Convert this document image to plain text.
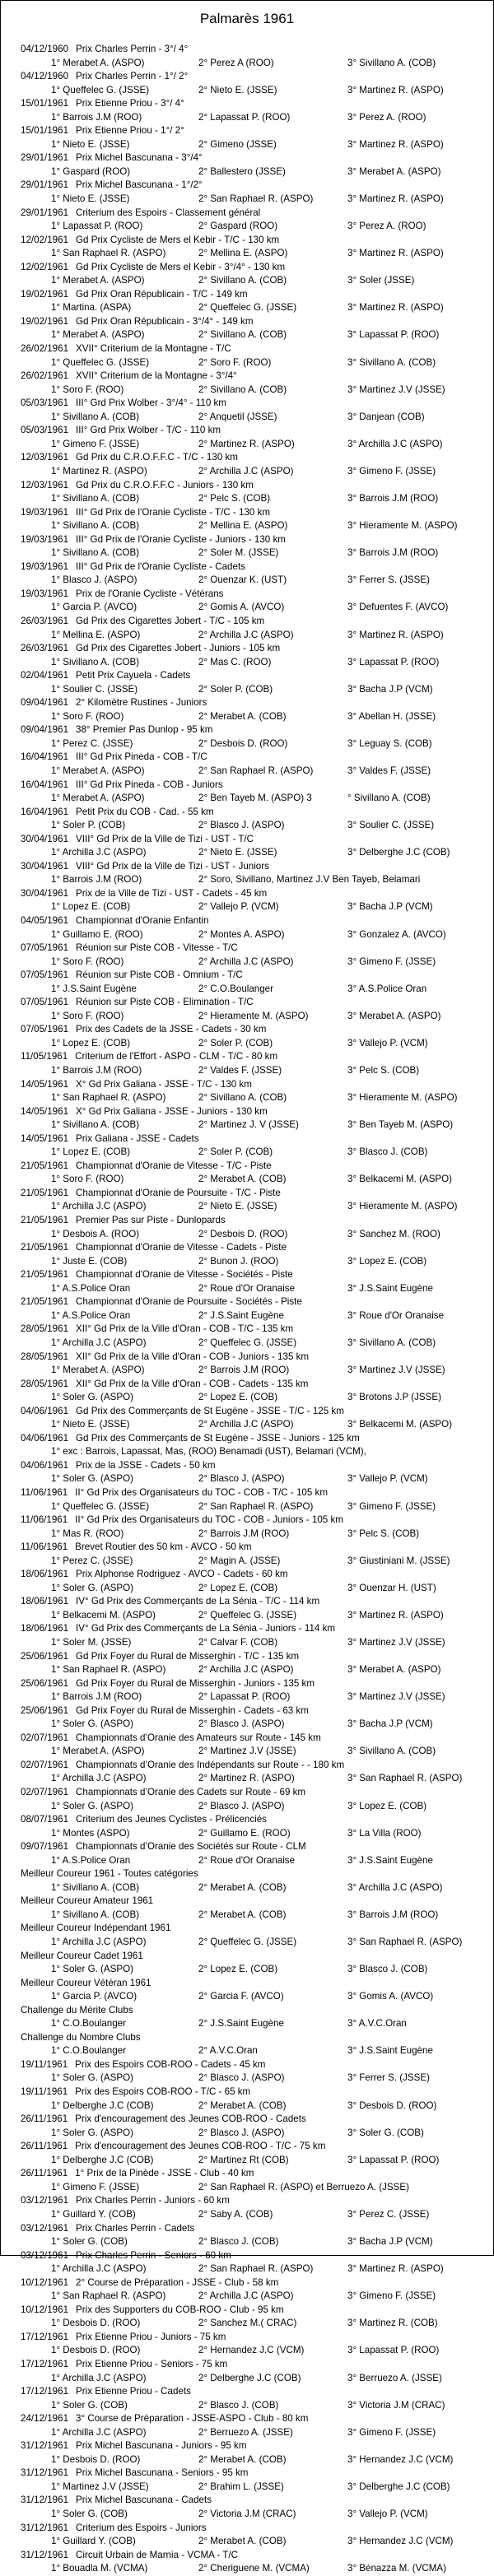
Palmarès 1961
04/12/1960 Prix Charles Perrin - 3°/ 4°
1° Merabet A. (ASPO)	2° Perez A (ROO)	3° Sivillano A. (COB)
04/12/1960 Prix Charles Perrin - 1°/ 2°
1° Queffelec G. (JSSE)	2° Nieto E. (JSSE)	3° Martinez R. (ASPO)
15/01/1961 Prix Etienne Priou - 3°/ 4°
1° Barrois J.M (ROO)	2° Lapassat P. (ROO)	3° Perez A. (ROO)
15/01/1961 Prix Etienne Priou - 1°/ 2°
1° Nieto E. (JSSE)	2° Gimeno (JSSE)	3° Martinez R. (ASPO)
29/01/1961 Prix Michel Bascunana - 3°/4°
1° Gaspard (ROO)	2° Ballestero (JSSE)	3° Merabet A. (ASPO)
29/01/1961 Prix Michel Bascunana - 1°/2°
1° Nieto E. (JSSE)	2° San Raphael R. (ASPO)	3° Martinez R. (ASPO)
29/01/1961 Criterium des Espoirs - Classement général
1° Lapassat P. (ROO)	2° Gaspard (ROO)	3° Perez A. (ROO)
12/02/1961 Gd Prix Cycliste de Mers el Kebir - T/C - 130 km
1° San Raphael R. (ASPO)	2° Mellina E. (ASPO)	3° Martinez R. (ASPO)
12/02/1961 Gd Prix Cycliste de Mers el Kebir - 3°/4° - 130 km
1° Merabet A. (ASPO)	2° Sivillano A. (COB)	3° Soler (JSSE)
19/02/1961 Gd Prix Oran Républicain - T/C - 149 km
1° Martina. (ASPA)	2° Queffelec G. (JSSE)	3° Martinez R. (ASPO)
19/02/1961 Gd Prix Oran Républicain - 3°/4° - 149 km
1° Merabet A. (ASPO)	2° Sivillano A. (COB)	3° Lapassat P. (ROO)
26/02/1961 XVII° Criterium de la Montagne - T/C
1° Queffelec G. (JSSE)	2° Soro F. (ROO)	3° Sivillano A. (COB)
26/02/1961 XVII° Criterium de la Montagne - 3°/4°
1° Soro F. (ROO)	2° Sivillano A. (COB)	3° Martinez J.V (JSSE)
05/03/1961 III° Grd Prix Wolber - 3°/4° - 110 km
1° Sivillano A. (COB)	2° Anquetil (JSSE)	3° Danjean (COB)
05/03/1961 III° Grd Prix Wolber - T/C - 110 km
1° Gimeno F. (JSSE)	2° Martinez R. (ASPO)	3° Archilla J.C (ASPO)
12/03/1961 Gd Prix du C.R.O.F.F.C - T/C - 130 km
1° Martinez R. (ASPO)	2° Archilla J.C (ASPO)	3° Gimeno F. (JSSE)
12/03/1961 Gd Prix du C.R.O.F.F.C - Juniors - 130 km
1° Sivillano A. (COB)	2° Pelc S. (COB)	3° Barrois J.M (ROO)
19/03/1961 III° Gd Prix de l'Oranie Cycliste - T/C - 130 km
1° Sivillano A. (COB)	2° Mellina E. (ASPO)	3° Hieramente M. (ASPO)
19/03/1961 III° Gd Prix de l'Oranie Cycliste - Juniors - 130 km
1° Sivillano A. (COB)	2° Soler M. (JSSE)	3° Barrois J.M (ROO)
19/03/1961 III° Gd Prix de l'Oranie Cycliste - Cadets
1° Blasco J. (ASPO)	2° Ouenzar K. (UST)	3° Ferrer S. (JSSE)
19/03/1961 Prix de l'Oranie Cycliste - Vétérans
1° Garcia P. (AVCO)	2° Gomis A. (AVCO)	3° Defuentes F. (AVCO)
26/03/1961 Gd Prix des Cigarettes Jobert - T/C - 105 km
1° Mellina E. (ASPO)	2° Archilla J.C (ASPO)	3° Martinez R. (ASPO)
26/03/1961 Gd Prix des Cigarettes Jobert - Juniors - 105 km
1° Sivillano A. (COB)	2° Mas C. (ROO)	3° Lapassat P. (ROO)
02/04/1961 Petit Prix Cayuela - Cadets
1° Soulier C. (JSSE)	2° Soler P. (COB)	3° Bacha J.P (VCM)
09/04/1961 2° Kilomètre Rustines - Juniors
1° Soro F. (ROO)	2° Merabet A. (COB)	3° Abellan H. (JSSE)
09/04/1961 38° Premier Pas Dunlop - 95 km
1° Perez C. (JSSE)	2° Desbois D. (ROO)	3° Leguay S. (COB)
16/04/1961 III° Gd Prix Pineda - COB - T/C
1° Merabet A. (ASPO)	2° San Raphael R. (ASPO)	3° Valdes F. (JSSE)
16/04/1961 III° Gd Prix Pineda - COB - Juniors
1° Merabet A. (ASPO)	2° Ben Tayeb M. (ASPO) 3	° Sivillano A. (COB)
16/04/1961 Petit Prix du COB - Cad. - 55 km
1° Soler P. (COB)	2° Blasco J. (ASPO)	3° Soulier C. (JSSE)
30/04/1961 VIII° Gd Prix de la Ville de Tizi - UST - T/C
1° Archilla J.C (ASPO)	2° Nieto E. (JSSE)	3° Delberghe J.C (COB)
30/04/1961 VIII° Gd Prix de la Ville de Tizi - UST - Juniors
1° Barrois J.M (ROO)	2° Soro, Sivillano, Martinez J.V Ben Tayeb, Belamari
30/04/1961 Prix de la Ville de Tizi - UST - Cadets - 45 km
1° Lopez E. (COB)	2° Vallejo P. (VCM)	3° Bacha J.P (VCM)
04/05/1961 Championnat d'Oranie Enfantin
1° Guillamo E. (ROO)	2° Montes A. ASPO)	3° Gonzalez A. (AVCO)
07/05/1961 Réunion sur Piste COB - Vitesse - T/C
1° Soro F. (ROO)	2° Archilla J.C (ASPO)	3° Gimeno F. (JSSE)
07/05/1961 Réunion sur Piste COB - Omnium - T/C
1° J.S.Saint Eugène	2° C.O.Boulanger	3° A.S.Police Oran
07/05/1961 Réunion sur Piste COB - Elimination - T/C
1° Soro F. (ROO)	2° Hieramente M. (ASPO)	3° Merabet A. (ASPO)
07/05/1961 Prix des Cadets de la JSSE - Cadets - 30 km
1° Lopez E. (COB)	2° Soler P. (COB)	3° Vallejo P. (VCM)
11/05/1961 Criterium de l'Effort - ASPO - CLM - T/C - 80 km
1° Barrois J.M (ROO)	2° Valdes F. (JSSE)	3° Pelc S. (COB)
14/05/1961 X° Gd Prix Galiana - JSSE - T/C - 130 km
1° San Raphael R. (ASPO)	2° Sivillano A. (COB)	3° Hieramente M. (ASPO)
14/05/1961 X° Gd Prix Galiana - JSSE - Juniors - 130 km
1° Sivillano A. (COB)	2° Martinez J. V (JSSE)	3° Ben Tayeb M. (ASPO)
14/05/1961 Prix Galiana - JSSE - Cadets
1° Lopez E. (COB)	2° Soler P. (COB)	3° Blasco J. (COB)
21/05/1961 Championnat d'Oranie de Vitesse - T/C - Piste
1° Soro F. (ROO)	2° Merabet A. (COB)	3° Belkacemi M. (ASPO)
21/05/1961 Championnat d'Oranie de Poursuite - T/C - Piste
1° Archilla J.C (ASPO)	2° Nieto E. (JSSE)	3° Hieramente M. (ASPO)
21/05/1961 Premier Pas sur Piste - Dunlopards
1° Desbois A. (ROO)	2° Desbois D. (ROO)	3° Sanchez M. (ROO)
21/05/1961 Championnat d'Oranie de Vitesse - Cadets - Piste
1° Juste E. (COB)	2° Bunon J. (ROO)	3° Lopez E. (COB)
21/05/1961 Championnat d'Oranie de Vitesse - Sociétés - Piste
1° A.S.Police Oran	2° Roue d'Or Oranaise	3° J.S.Saint Eugène
21/05/1961 Championnat d'Oranie de Poursuite - Sociétés - Piste
1° A.S.Police Oran	2° J.S.Saint Eugène	3° Roue d'Or Oranaise
28/05/1961 XII° Gd Prix de la Ville d'Oran - COB - T/C - 135 km
1° Archilla J.C (ASPO)	2° Queffelec G. (JSSE)	3° Sivillano A. (COB)
28/05/1961 XII° Gd Prix de la Ville d'Oran - COB - Juniors - 135 km
1° Merabet A. (ASPO)	2° Barrois J.M (ROO)	3° Martinez J.V (JSSE)
28/05/1961 XII° Gd Prix de la Ville d'Oran - COB - Cadets - 135 km
1° Soler G. (ASPO)	2° Lopez E. (COB)	3° Brotons J.P (JSSE)
04/06/1961 Gd Prix des Commerçants de St Eugène - JSSE - T/C - 125 km
1° Nieto E. (JSSE)	2° Archilla J.C (ASPO)	3° Belkacemi M. (ASPO)
04/06/1961 Gd Prix des Commerçants de St Eugène - JSSE - Juniors - 125 km
1° exc : Barrois, Lapassat, Mas, (ROO) Benamadi (UST), Belamari (VCM),
04/06/1961 Prix de la JSSE - Cadets - 50 km
1° Soler G. (ASPO)	2° Blasco J. (ASPO)	3° Vallejo P. (VCM)
11/06/1961 II° Gd Prix des Organisateurs du TOC - COB - T/C - 105 km
1° Queffelec G. (JSSE)	2° San Raphael R. (ASPO)	3° Gimeno F. (JSSE)
11/06/1961 II° Gd Prix des Organisateurs du TOC - COB - Juniors - 105 km
1° Mas R. (ROO)	2° Barrois J.M (ROO)	3° Pelc S. (COB)
11/06/1961 Brevet Routier des 50 km - AVCO - 50 km
1° Perez C. (JSSE)	2° Magin A. (JSSE)	3° Giustiniani M. (JSSE)
18/06/1961 Prix Alphonse Rodriguez - AVCO - Cadets - 60 km
1° Soler G. (ASPO)	2° Lopez E. (COB)	3° Ouenzar H. (UST)
18/06/1961 IV° Gd Prix des Commerçants de La Sénia - T/C - 114 km
1° Belkacemi M. (ASPO)	2° Queffelec G. (JSSE)	3° Martinez R. (ASPO)
18/06/1961 IV° Gd Prix des Commerçants de La Sénia - Juniors - 114 km
1° Soler M. (JSSE)	2° Calvar F. (COB)	3° Martinez J.V (JSSE)
25/06/1961 Gd Prix Foyer du Rural de Misserghin - T/C - 135 km
1° San Raphael R. (ASPO)	2° Archilla J.C (ASPO)	3° Merabet A. (ASPO)
25/06/1961 Gd Prix Foyer du Rural de Misserghin - Juniors - 135 km
1° Barrois J.M (ROO)	2° Lapassat P. (ROO)	3° Martinez J.V (JSSE)
25/06/1961 Gd Prix Foyer du Rural de Misserghin - Cadets - 63 km
1° Soler G. (ASPO)	2° Blasco J. (ASPO)	3° Bacha J.P (VCM)
02/07/1961 Championnats d’Oranie des Amateurs sur Route - 145 km
1° Merabet A. (ASPO)	2° Martinez J.V (JSSE)	3° Sivillano A. (COB)
02/07/1961 Championnats d’Oranie des Indépendants sur Route - - 180 km
1° Archilla J.C (ASPO)	2° Martinez R. (ASPO)	3° San Raphael R. (ASPO)
02/07/1961 Championnats d’Oranie des Cadets sur Route - 69 km
1° Soler G. (ASPO)	2° Blasco J. (ASPO)	3° Lopez E. (COB)
08/07/1961 Criterium des Jeunes Cyclistes - Prélicenciés
1° Montes (ASPO)	2° Guillamo E. (ROO)	3° La Villa (ROO)
09/07/1961 Championnats d’Oranie des Sociétés sur Route - CLM
1° A.S.Police Oran	2° Roue d'Or Oranaise	3° J.S.Saint Eugène
Meilleur Coureur 1961 - Toutes catégories
1° Sivillano A. (COB)	2° Merabet A. (COB)	3° Archilla J.C (ASPO)
Meilleur Coureur Amateur 1961
1° Sivillano A. (COB)	2° Merabet A. (COB)	3° Barrois J.M (ROO)
Meilleur Coureur Indépendant 1961
1° Archilla J.C (ASPO)	2° Queffelec G. (JSSE)	3° San Raphael R. (ASPO)
Meilleur Coureur Cadet 1961
1° Soler G. (ASPO)	2° Lopez E. (COB)	3° Blasco J. (COB)
Meilleur Coureur Vétéran 1961
1° Garcia P. (AVCO)	2° Garcia F. (AVCO)	3° Gomis A. (AVCO)
Challenge du Mérite Clubs
1° C.O.Boulanger	2° J.S.Saint Eugène	3° A.V.C.Oran
Challenge du Nombre Clubs
1° C.O.Boulanger	2° A.V.C.Oran	3° J.S.Saint Eugène
19/11/1961 Prix des Espoirs COB-ROO - Cadets - 45 km
1° Soler G. (ASPO)	2° Blasco J. (ASPO)	3° Ferrer S. (JSSE)
19/11/1961 Prix des Espoirs COB-ROO - T/C - 65 km
1° Delberghe J.C (COB)	2° Merabet A. (COB)	3° Desbois D. (ROO)
26/11/1961 Prix d'encouragement des Jeunes COB-ROO - Cadets
1° Soler G. (ASPO)	2° Blasco J. (ASPO)	3° Soler G. (COB)
26/11/1961 Prix d'encouragement des Jeunes COB-ROO - T/C - 75 km
1° Delberghe J.C (COB)	2° Martinez Rt (COB)	3° Lapassat P. (ROO)
26/11/1961 1° Prix de la Pinède - JSSE - Club - 40 km
1° Gimeno F. (JSSE)	2° San Raphael R. (ASPO) et Berruezo A. (JSSE)
03/12/1961 Prix Charles Perrin - Juniors - 60 km
1° Guillard Y. (COB)	2° Saby A. (COB)	3° Perez C. (JSSE)
03/12/1961 Prix Charles Perrin - Cadets
1° Soler G. (COB)	2° Blasco J. (COB)	3° Bacha J.P (VCM)
03/12/1961 Prix Charles Perrin - Seniors - 60 km
1° Archilla J.C (ASPO)	2° San Raphael R. (ASPO)	3° Martinez R. (ASPO)
10/12/1961 2° Course de Préparation - JSSE - Club - 58 km
1° San Raphael R. (ASPO)	2° Archilla J.C (ASPO)	3° Gimeno F. (JSSE)
10/12/1961 Prix des Supporters du COB-ROO - Club - 95 km
1° Desbois D. (ROO)	2° Sanchez M.( CRAC)	3° Martinez R. (COB)
17/12/1961 Prix Etienne Priou - Juniors - 75 km
1° Desbois D. (ROO)	2° Hernandez J.C (VCM)	3° Lapassat P. (ROO)
17/12/1961 Prix Etienne Priou - Seniors - 75 km
1° Archilla J.C (ASPO)	2° Delberghe J.C (COB)	3° Berruezo A. (JSSE)
17/12/1961 Prix Etienne Priou - Cadets
1° Soler G. (COB)	2° Blasco J. (COB)	3° Victoria J.M (CRAC)
24/12/1961 3° Course de Préparation - JSSE-ASPO - Club - 80 km
1° Archilla J.C (ASPO)	2° Berruezo A. (JSSE)	3° Gimeno F. (JSSE)
31/12/1961 Prix Michel Bascunana - Juniors - 95 km
1° Desbois D. (ROO)	2° Merabet A. (COB)	3° Hernandez J.C (VCM)
31/12/1961 Prix Michel Bascunana - Seniors - 95 km
1° Martinez J.V (JSSE)	2° Brahim L. (JSSE)	3° Delberghe J.C (COB)
31/12/1961 Prix Michel Bascunana - Cadets
1° Soler G. (COB)	2° Victoria J.M (CRAC)	3° Vallejo P. (VCM)
31/12/1961 Criterium des Espoirs - Juniors
1° Guillard Y. (COB)	2° Merabet A. (COB)	3° Hernandez J.C (VCM)
31/12/1961 Circuit Urbain de Marnia - VCMA - T/C
1° Bouadla M. (VCMA)	2° Cheriguene M. (VCMA)	3° Bénazza M. (VCMA)
